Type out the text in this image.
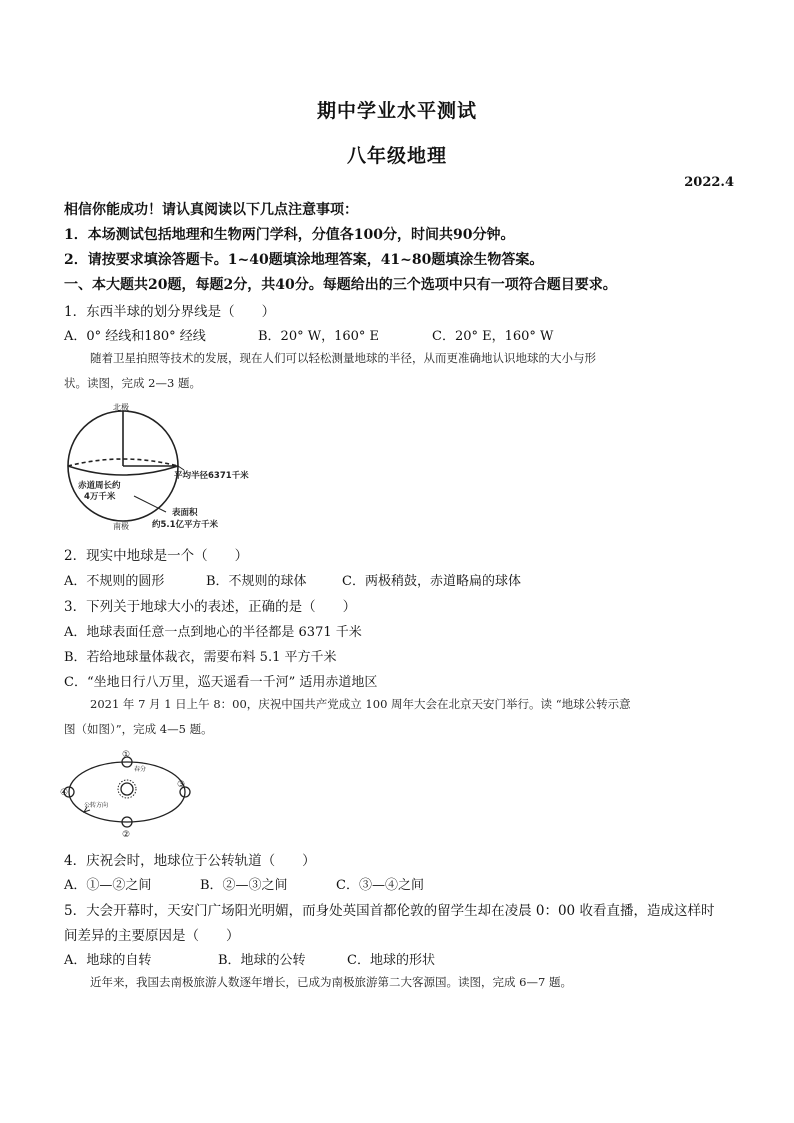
期中学业水平测试
八年级地理
2022.4
相信你能成功！请认真阅读以下几点注意事项：
1．本场测试包括地理和生物两门学科，分值各100分，时间共90分钟。
2．请按要求填涂答题卡。1~40题填涂地理答案，41~80题填涂生物答案。
一、本大题共20题，每题2分，共40分。每题给出的三个选项中只有一项符合题目要求。
1．东西半球的划分界线是（　　）
A．0° 经线和180° 经线	B．20° W，160° E	C．20° E，160° W
随着卫星拍照等技术的发展，现在人们可以轻松测量地球的半径，从而更准确地认识地球的大小与形
状。读图，完成 2—3 题。
北极
南极
平均半径6371千米
赤道周长约
4万千米
表面积
约5.1亿平方千米
2．现实中地球是一个（　　）
A．不规则的圆形	B．不规则的球体	C．两极稍鼓，赤道略扁的球体
3．下列关于地球大小的表述，正确的是（　　）
A．地球表面任意一点到地心的半径都是 6371 千米
B．若给地球量体裁衣，需要布料 5.1 平方千米
C．“坐地日行八万里，巡天遥看一千河” 适用赤道地区
2021 年 7 月 1 日上午 8：00，庆祝中国共产党成立 100 周年大会在北京天安门举行。读 “地球公转示意
图（如图）”，完成 4—5 题。
①
②
④
③
春分
公转方向
4．庆祝会时，地球位于公转轨道（　　）
A．①—②之间	B．②—③之间	C．③—④之间
5．大会开幕时，天安门广场阳光明媚，而身处英国首都伦敦的留学生却在凌晨 0：00 收看直播，造成这样时
间差异的主要原因是（　　）
A．地球的自转	B．地球的公转	C．地球的形状
近年来，我国去南极旅游人数逐年增长，已成为南极旅游第二大客源国。读图，完成 6—7 题。
